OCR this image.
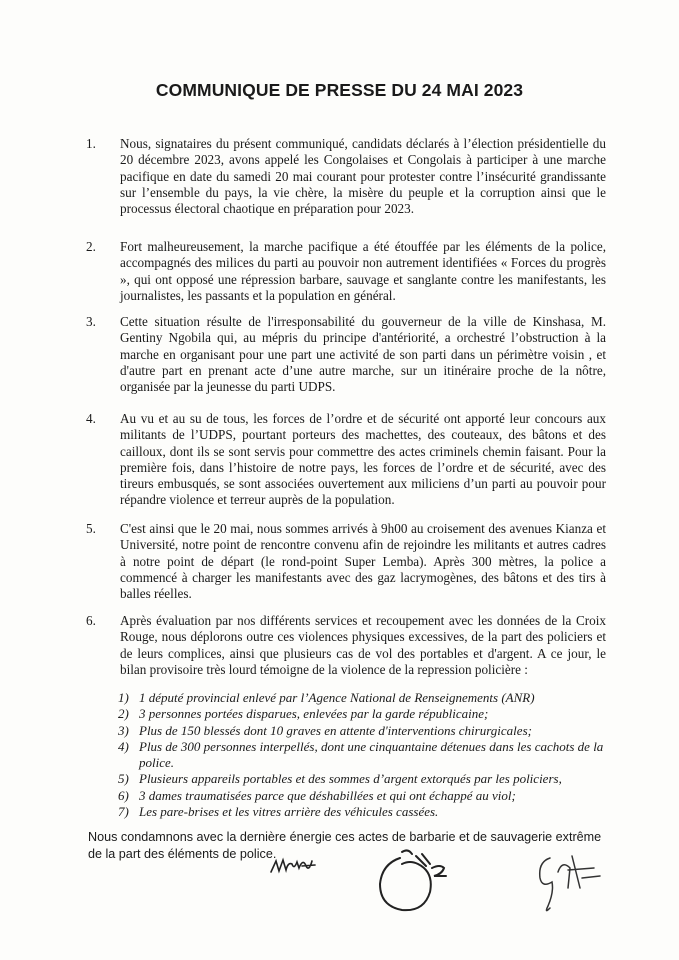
COMMUNIQUE DE PRESSE DU 24 MAI 2023
1. Nous, signataires du présent communiqué, candidats déclarés à l’élection présidentielle du 20 décembre 2023, avons appelé les Congolaises et Congolais à participer à une marche pacifique en date du samedi 20 mai courant pour protester contre l’insécurité grandissante sur l’ensemble du pays, la vie chère, la misère du peuple et la corruption ainsi que le processus électoral chaotique en préparation pour 2023.
2. Fort malheureusement, la marche pacifique a été étouffée par les éléments de la police, accompagnés des milices du parti au pouvoir non autrement identifiées « Forces du progrès », qui ont opposé une répression barbare, sauvage et sanglante contre les manifestants, les journalistes, les passants et la population en général.
3. Cette situation résulte de l'irresponsabilité du gouverneur de la ville de Kinshasa, M. Gentiny Ngobila qui, au mépris du principe d'antériorité, a orchestré l’obstruction à la marche en organisant pour une part une activité de son parti dans un périmètre voisin , et d'autre part en prenant acte d’une autre marche, sur un itinéraire proche de la nôtre, organisée par la jeunesse du parti UDPS.
4. Au vu et au su de tous, les forces de l’ordre et de sécurité ont apporté leur concours aux militants de l’UDPS, pourtant porteurs des machettes, des couteaux, des bâtons et des cailloux, dont ils se sont servis pour commettre des actes criminels chemin faisant. Pour la première fois, dans l’histoire de notre pays, les forces de l’ordre et de sécurité, avec des tireurs embusqués, se sont associées ouvertement aux miliciens d’un parti au pouvoir pour répandre violence et terreur auprès de la population.
5. C'est ainsi que le 20 mai, nous sommes arrivés à 9h00 au croisement des avenues Kianza et Université, notre point de rencontre convenu afin de rejoindre les militants et autres cadres à notre point de départ (le rond-point Super Lemba). Après 300 mètres, la police a commencé à charger les manifestants avec des gaz lacrymogènes, des bâtons et des tirs à balles réelles.
6. Après évaluation par nos différents services et recoupement avec les données de la Croix Rouge, nous déplorons outre ces violences physiques excessives, de la part des policiers et de leurs complices, ainsi que plusieurs cas de vol des portables et d'argent. A ce jour, le bilan provisoire très lourd témoigne de la violence de la repression policière :
1) 1 député provincial enlevé par l’Agence National de Renseignements (ANR)
2) 3 personnes portées disparues, enlevées par la garde républicaine;
3) Plus de 150 blessés dont 10 graves en attente d'interventions chirurgicales;
4) Plus de 300 personnes interpellés, dont une cinquantaine détenues dans les cachots de la police.
5) Plusieurs appareils portables et des sommes d’argent extorqués par les policiers,
6) 3 dames traumatisées parce que déshabillées et qui ont échappé au viol;
7) Les pare-brises et les vitres arrière des véhicules cassées.
Nous condamnons avec la dernière énergie ces actes de barbarie et de sauvagerie extrême de la part des éléments de police.
